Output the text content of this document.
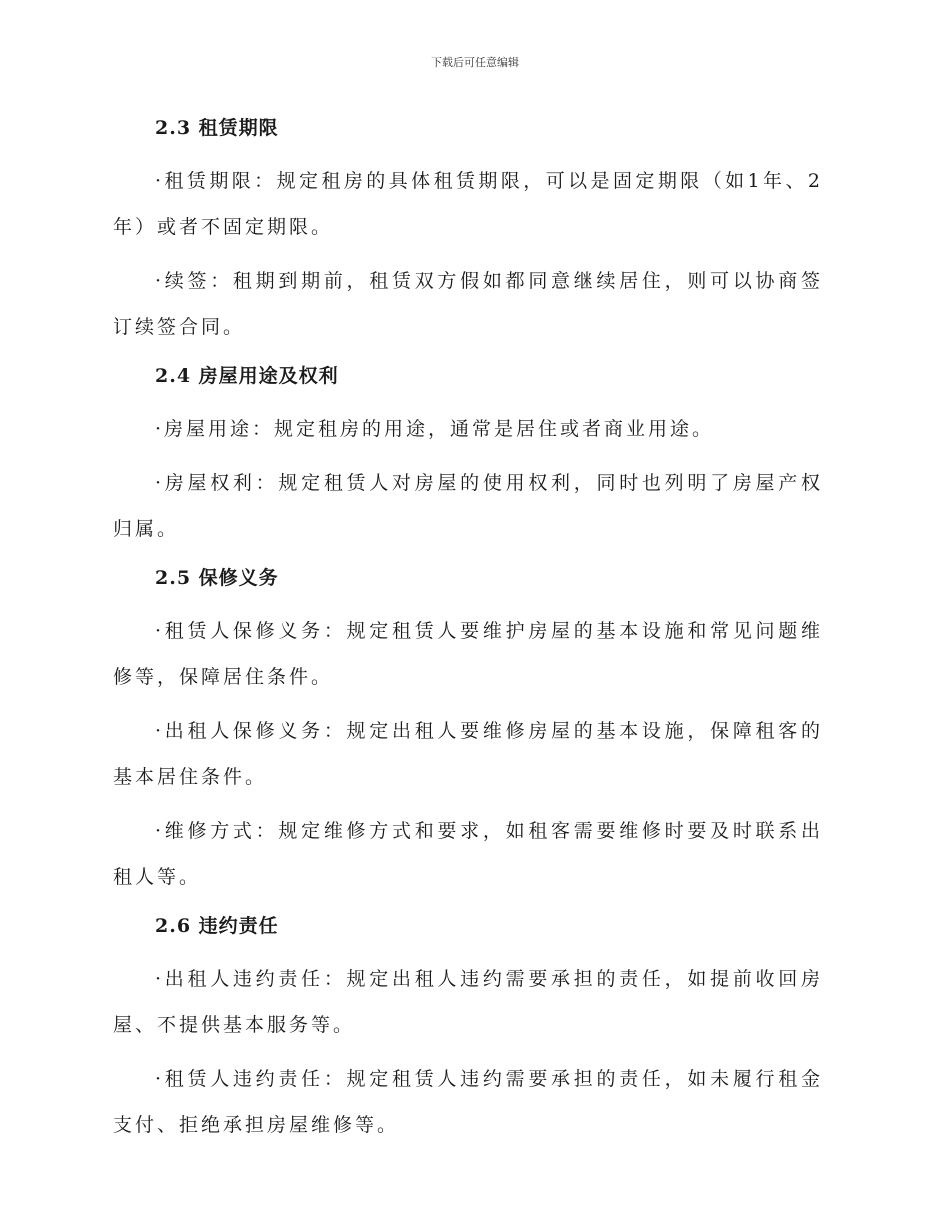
下载后可任意编辑
2.3 租赁期限

·租赁期限：规定租房的具体租赁期限，可以是固定期限（如1年、2年）或者不固定期限。

·续签：租期到期前，租赁双方假如都同意继续居住，则可以协商签订续签合同。

2.4 房屋用途及权利

·房屋用途：规定租房的用途，通常是居住或者商业用途。

·房屋权利：规定租赁人对房屋的使用权利，同时也列明了房屋产权归属。

2.5 保修义务

·租赁人保修义务：规定租赁人要维护房屋的基本设施和常见问题维修等，保障居住条件。

·出租人保修义务：规定出租人要维修房屋的基本设施，保障租客的基本居住条件。

·维修方式：规定维修方式和要求，如租客需要维修时要及时联系出租人等。

2.6 违约责任

·出租人违约责任：规定出租人违约需要承担的责任，如提前收回房屋、不提供基本服务等。

·租赁人违约责任：规定租赁人违约需要承担的责任，如未履行租金支付、拒绝承担房屋维修等。
